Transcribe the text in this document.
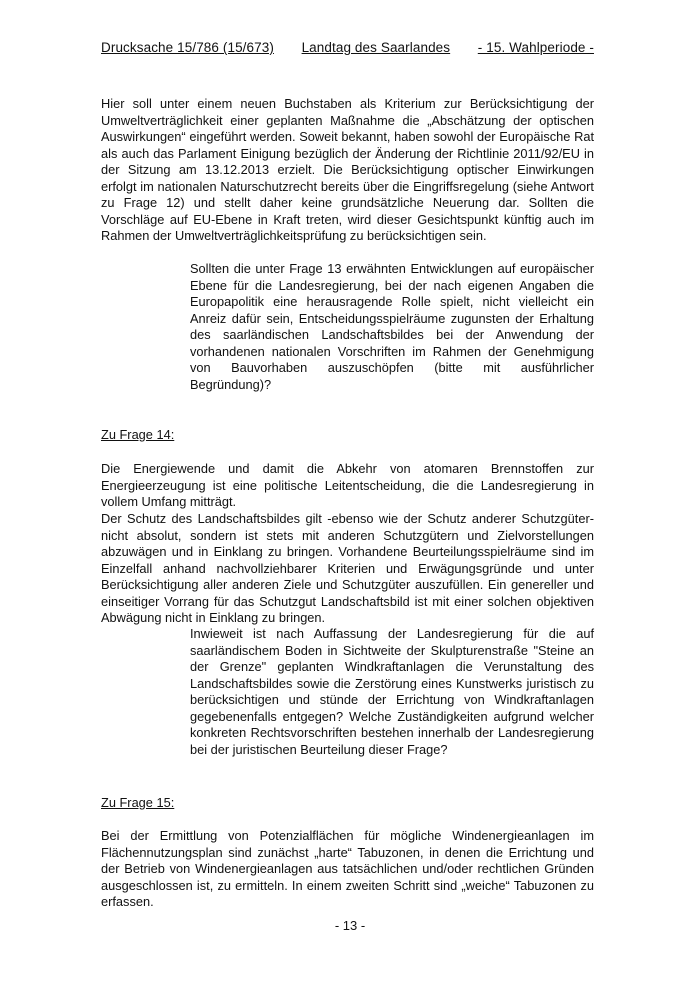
Drucksache 15/786 (15/673) Landtag des Saarlandes - 15. Wahlperiode -

Hier soll unter einem neuen Buchstaben als Kriterium zur Berücksichtigung der Umweltverträglichkeit einer geplanten Maßnahme die „Abschätzung der optischen Auswirkungen“ eingeführt werden. Soweit bekannt, haben sowohl der Europäische Rat als auch das Parlament Einigung bezüglich der Änderung der Richtlinie 2011/92/EU in der Sitzung am 13.12.2013 erzielt. Die Berücksichtigung optischer Einwirkungen erfolgt im nationalen Naturschutzrecht bereits über die Eingriffsregelung (siehe Antwort zu Frage 12) und stellt daher keine grundsätzliche Neuerung dar. Sollten die Vorschläge auf EU-Ebene in Kraft treten, wird dieser Gesichtspunkt künftig auch im Rahmen der Umweltverträglichkeitsprüfung zu berücksichtigen sein.

Sollten die unter Frage 13 erwähnten Entwicklungen auf europäischer Ebene für die Landesregierung, bei der nach eigenen Angaben die Europapolitik eine herausragende Rolle spielt, nicht vielleicht ein Anreiz dafür sein, Entscheidungsspielräume zugunsten der Erhaltung des saarländischen Landschaftsbildes bei der Anwendung der vorhandenen nationalen Vorschriften im Rahmen der Genehmigung von Bauvorhaben auszuschöpfen (bitte mit ausführlicher Begründung)?

Zu Frage 14:

Die Energiewende und damit die Abkehr von atomaren Brennstoffen zur Energieerzeugung ist eine politische Leitentscheidung, die die Landesregierung in vollem Umfang mitträgt.

Der Schutz des Landschaftsbildes gilt -ebenso wie der Schutz anderer Schutzgüter- nicht absolut, sondern ist stets mit anderen Schutzgütern und Zielvorstellungen abzuwägen und in Einklang zu bringen. Vorhandene Beurteilungsspielräume sind im Einzelfall anhand nachvollziehbarer Kriterien und Erwägungsgründe und unter Berücksichtigung aller anderen Ziele und Schutzgüter auszufüllen. Ein genereller und einseitiger Vorrang für das Schutzgut Landschaftsbild ist mit einer solchen objektiven Abwägung nicht in Einklang zu bringen.

Inwieweit ist nach Auffassung der Landesregierung für die auf saarländischem Boden in Sichtweite der Skulpturenstraße "Steine an der Grenze" geplanten Windkraftanlagen die Verunstaltung des Landschaftsbildes sowie die Zerstörung eines Kunstwerks juristisch zu berücksichtigen und stünde der Errichtung von Windkraftanlagen gegebenenfalls entgegen? Welche Zuständigkeiten aufgrund welcher konkreten Rechtsvorschriften bestehen innerhalb der Landesregierung bei der juristischen Beurteilung dieser Frage?

Zu Frage 15:

Bei der Ermittlung von Potenzialflächen für mögliche Windenergieanlagen im Flächennutzungsplan sind zunächst „harte“ Tabuzonen, in denen die Errichtung und der Betrieb von Windenergieanlagen aus tatsächlichen und/oder rechtlichen Gründen ausgeschlossen ist, zu ermitteln. In einem zweiten Schritt sind „weiche“ Tabuzonen zu erfassen.

- 13 -
